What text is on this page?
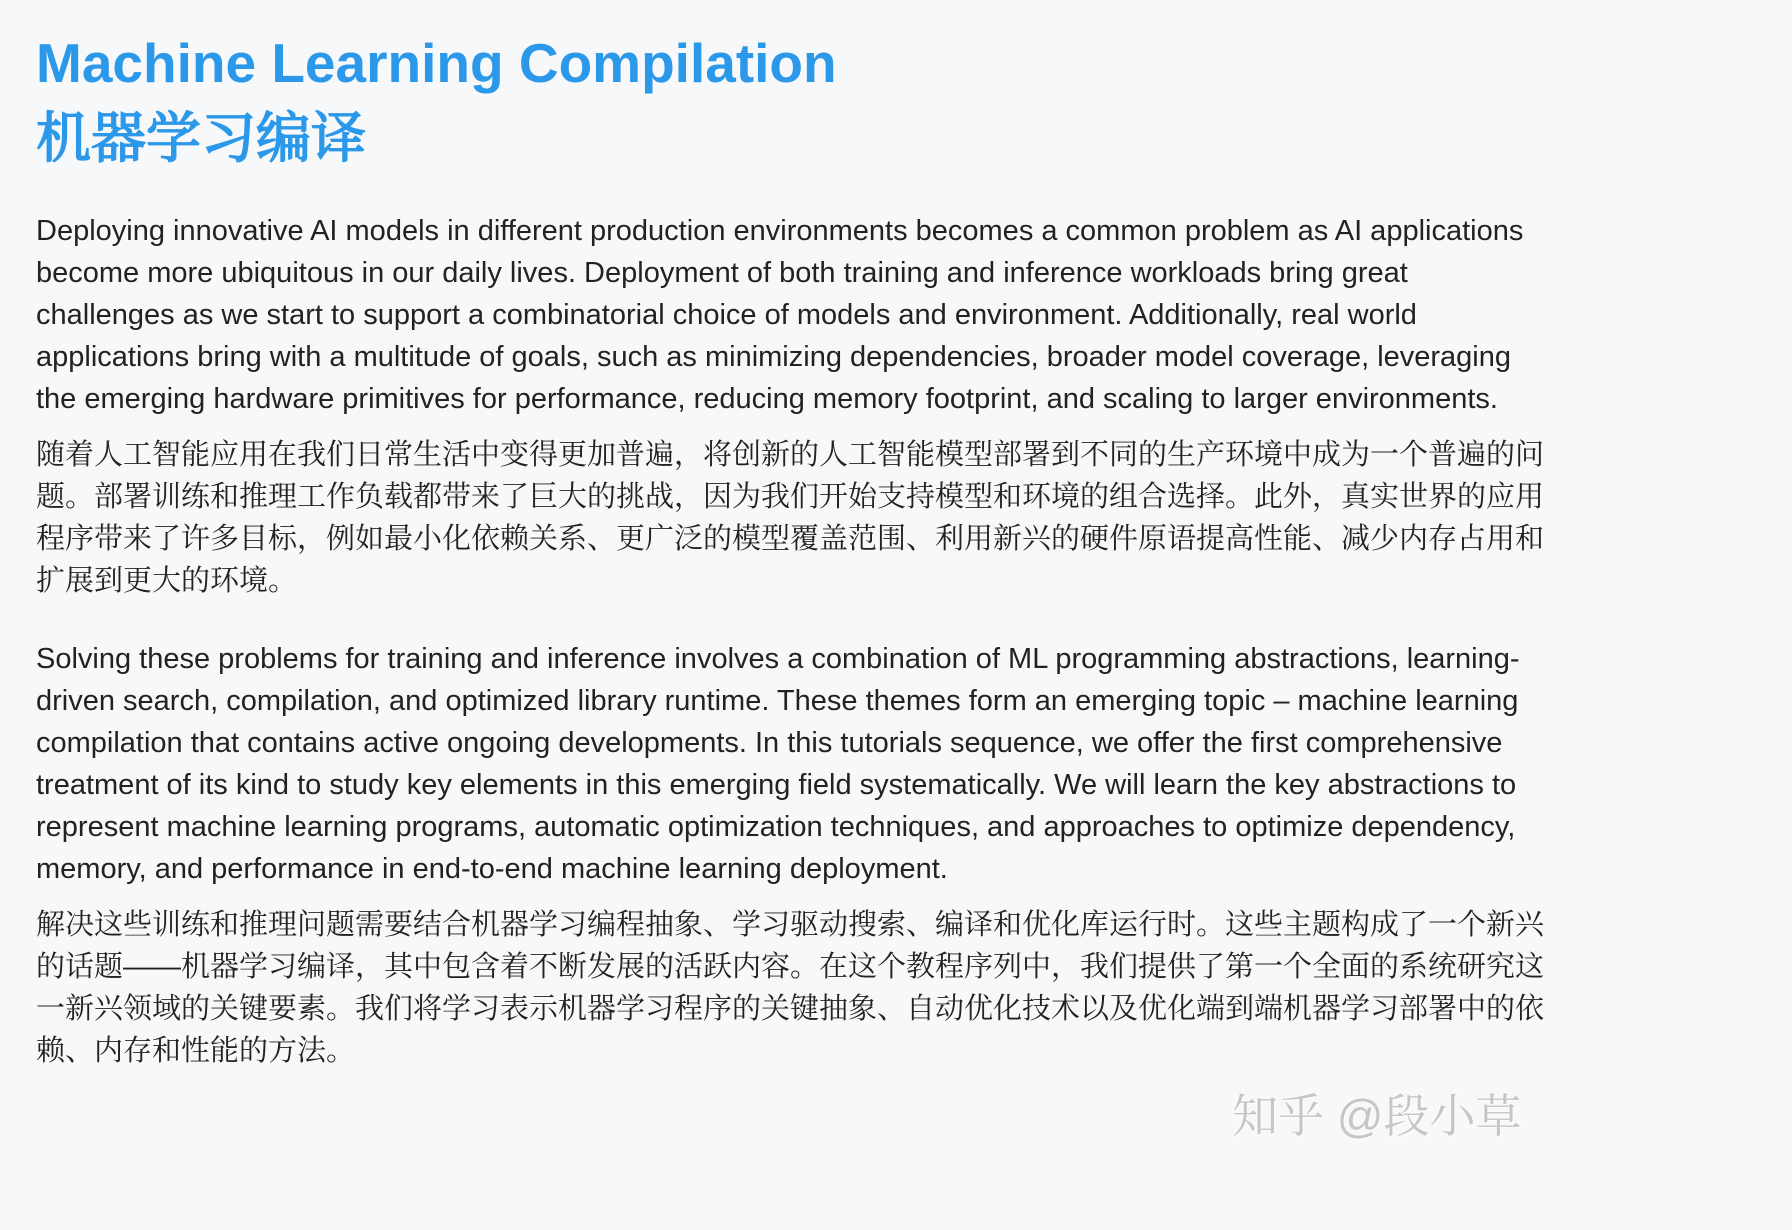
Machine Learning Compilation
机器学习编译

Deploying innovative AI models in different production environments becomes a common problem as AI applications become more ubiquitous in our daily lives. Deployment of both training and inference workloads bring great challenges as we start to support a combinatorial choice of models and environment. Additionally, real world applications bring with a multitude of goals, such as minimizing dependencies, broader model coverage, leveraging the emerging hardware primitives for performance, reducing memory footprint, and scaling to larger environments.

随着人工智能应用在我们日常生活中变得更加普遍，将创新的人工智能模型部署到不同的生产环境中成为一个普遍的问题。部署训练和推理工作负载都带来了巨大的挑战，因为我们开始支持模型和环境的组合选择。此外，真实世界的应用程序带来了许多目标，例如最小化依赖关系、更广泛的模型覆盖范围、利用新兴的硬件原语提高性能、减少内存占用和扩展到更大的环境。

Solving these problems for training and inference involves a combination of ML programming abstractions, learning-driven search, compilation, and optimized library runtime. These themes form an emerging topic – machine learning compilation that contains active ongoing developments. In this tutorials sequence, we offer the first comprehensive treatment of its kind to study key elements in this emerging field systematically. We will learn the key abstractions to represent machine learning programs, automatic optimization techniques, and approaches to optimize dependency, memory, and performance in end-to-end machine learning deployment.

解决这些训练和推理问题需要结合机器学习编程抽象、学习驱动搜索、编译和优化库运行时。这些主题构成了一个新兴的话题——机器学习编译，其中包含着不断发展的活跃内容。在这个教程序列中，我们提供了第一个全面的系统研究这一新兴领域的关键要素。我们将学习表示机器学习程序的关键抽象、自动优化技术以及优化端到端机器学习部署中的依赖、内存和性能的方法。

知乎 @段小草
